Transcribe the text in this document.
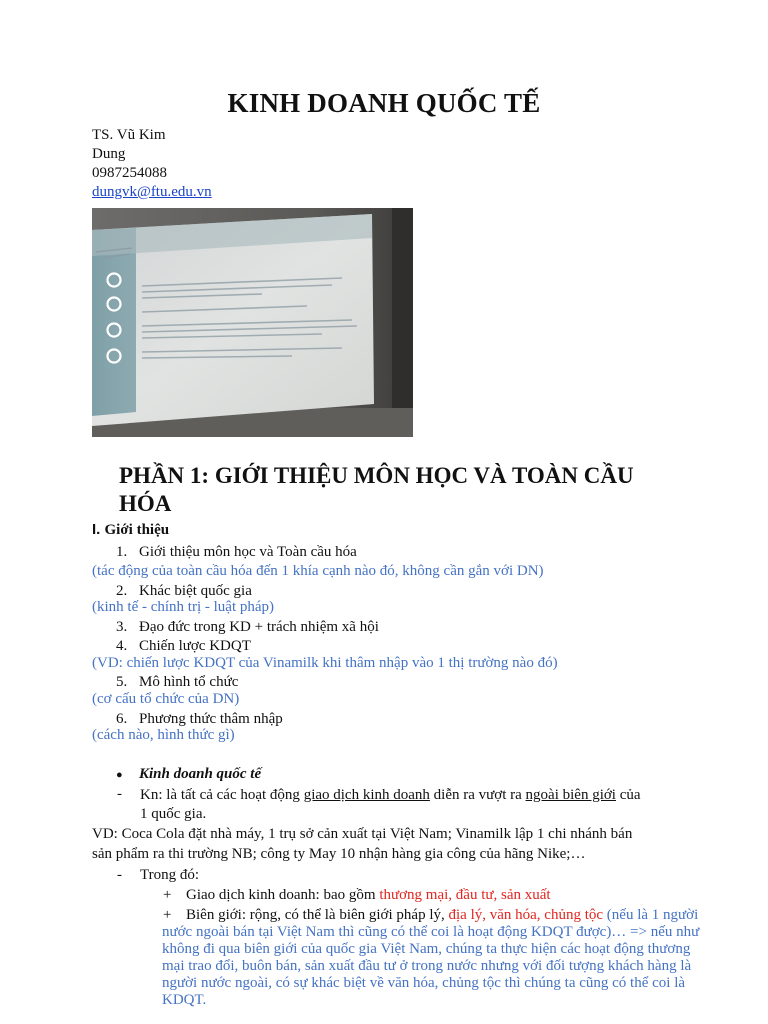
KINH DOANH QUỐC TẾ
TS. Vũ Kim
Dung
0987254088
dungvk@ftu.edu.vn
PHẦN 1: GIỚI THIỆU MÔN HỌC VÀ TOÀN CẦU
HÓA
I. Giới thiệu
1. Giới thiệu môn học và Toàn cầu hóa
(tác động của toàn cầu hóa đến 1 khía cạnh nào đó, không cần gắn với DN)
2. Khác biệt quốc gia
(kinh tế - chính trị - luật pháp)
3. Đạo đức trong KD + trách nhiệm xã hội
4. Chiến lược KDQT
(VD: chiến lược KDQT của Vinamilk khi thâm nhập vào 1 thị trường nào đó)
5. Mô hình tổ chức
(cơ cấu tổ chức của DN)
6. Phương thức thâm nhập
(cách nào, hình thức gì)
● Kinh doanh quốc tế
- Kn: là tất cả các hoạt động giao dịch kinh doanh diễn ra vượt ra ngoài biên giới của
1 quốc gia.
VD: Coca Cola đặt nhà máy, 1 trụ sở cản xuất tại Việt Nam; Vinamilk lập 1 chi nhánh bán
sản phẩm ra thi trường NB; công ty May 10 nhận hàng gia công của hãng Nike;…
- Trong đó:
+ Giao dịch kinh doanh: bao gồm thương mại, đầu tư, sản xuất
+ Biên giới: rộng, có thể là biên giới pháp lý, địa lý, văn hóa, chủng tộc (nếu là 1 người
nước ngoài bán tại Việt Nam thì cũng có thể coi là hoạt động KDQT được)… => nếu như
không đi qua biên giới của quốc gia Việt Nam, chúng ta thực hiện các hoạt động thương
mại trao đổi, buôn bán, sản xuất đầu tư ở trong nước nhưng với đối tượng khách hàng là
người nước ngoài, có sự khác biệt về văn hóa, chủng tộc thì chúng ta cũng có thể coi là
KDQT.
